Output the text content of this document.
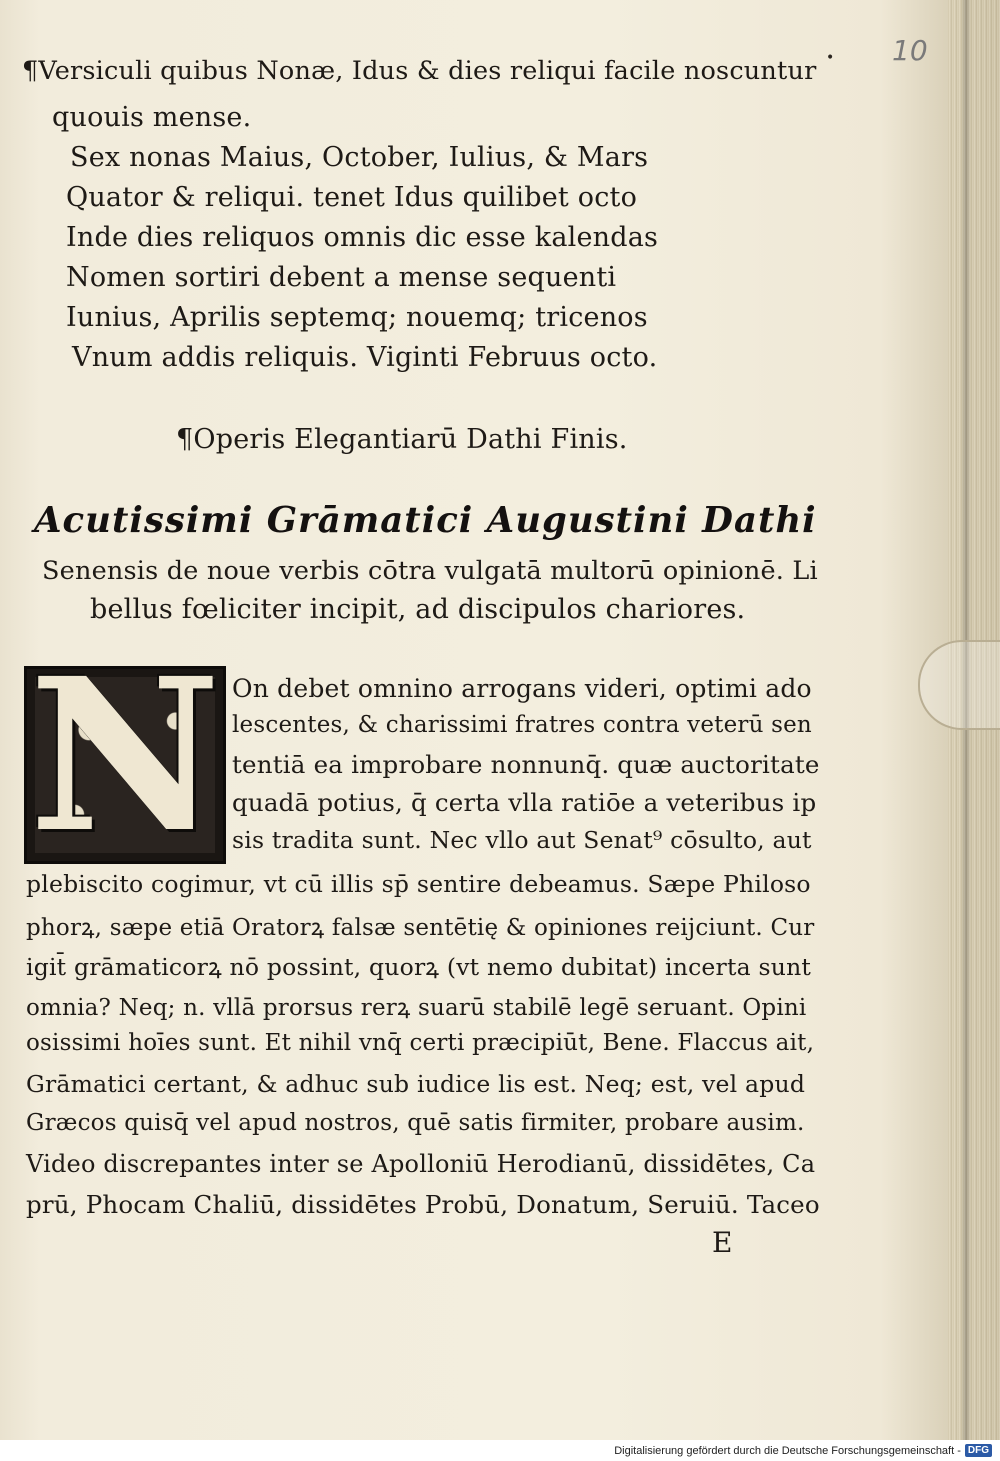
10
•
¶Versiculi quibus Nonæ, Idus & dies reliqui facile noscuntur
quouis mense.
Sex nonas Maius, October, Iulius, & Mars
Quator & reliqui. tenet Idus quilibet octo
Inde dies reliquos omnis dic esse kalendas
Nomen sortiri debent a mense sequenti
Iunius, Aprilis septemq; nouemq; tricenos
Vnum addis reliquis. Viginti Februus octo.
¶Operis Elegantiarū Dathi Finis.
Acutissimi Grāmatici Augustini Dathi
Senensis de noue verbis cōtra vulgatā multorū opinionē. Li
bellus fœliciter incipit, ad discipulos chariores.
N On debet omnino arrogans videri, optimi ado
lescentes, & charissimi fratres contra veterū sen
tentiā ea improbare nonnunq̄. quæ auctoritate
quadā potius, q̄ certa vlla ratiōe a veteribus ip
sis tradita sunt. Nec vllo aut Senat⁹ cōsulto, aut
plebiscito cogimur, vt cū illis sp̄ sentire debeamus. Sæpe Philoso
phorꝝ, sæpe etiā Oratorꝝ falsæ sentētię & opiniones reijciunt. Cur
igit̄ grāmaticorꝝ nō possint, quorꝝ (vt nemo dubitat) incerta sunt
omnia? Neq; n. vllā prorsus rerꝝ suarū stabilē legē seruant. Opini
osissimi hoīes sunt. Et nihil vnq̄ certi præcipiūt, Bene. Flaccus ait,
Grāmatici certant, & adhuc sub iudice lis est. Neq; est, vel apud
Græcos quisq̄ vel apud nostros, quē satis firmiter, probare ausim.
Video discrepantes inter se Apolloniū Herodianū, dissidētes, Ca
prū, Phocam Chaliū, dissidētes Probū, Donatum, Seruiū. Taceo
E
Digitalisierung gefördert durch die Deutsche Forschungsgemeinschaft - DFG
